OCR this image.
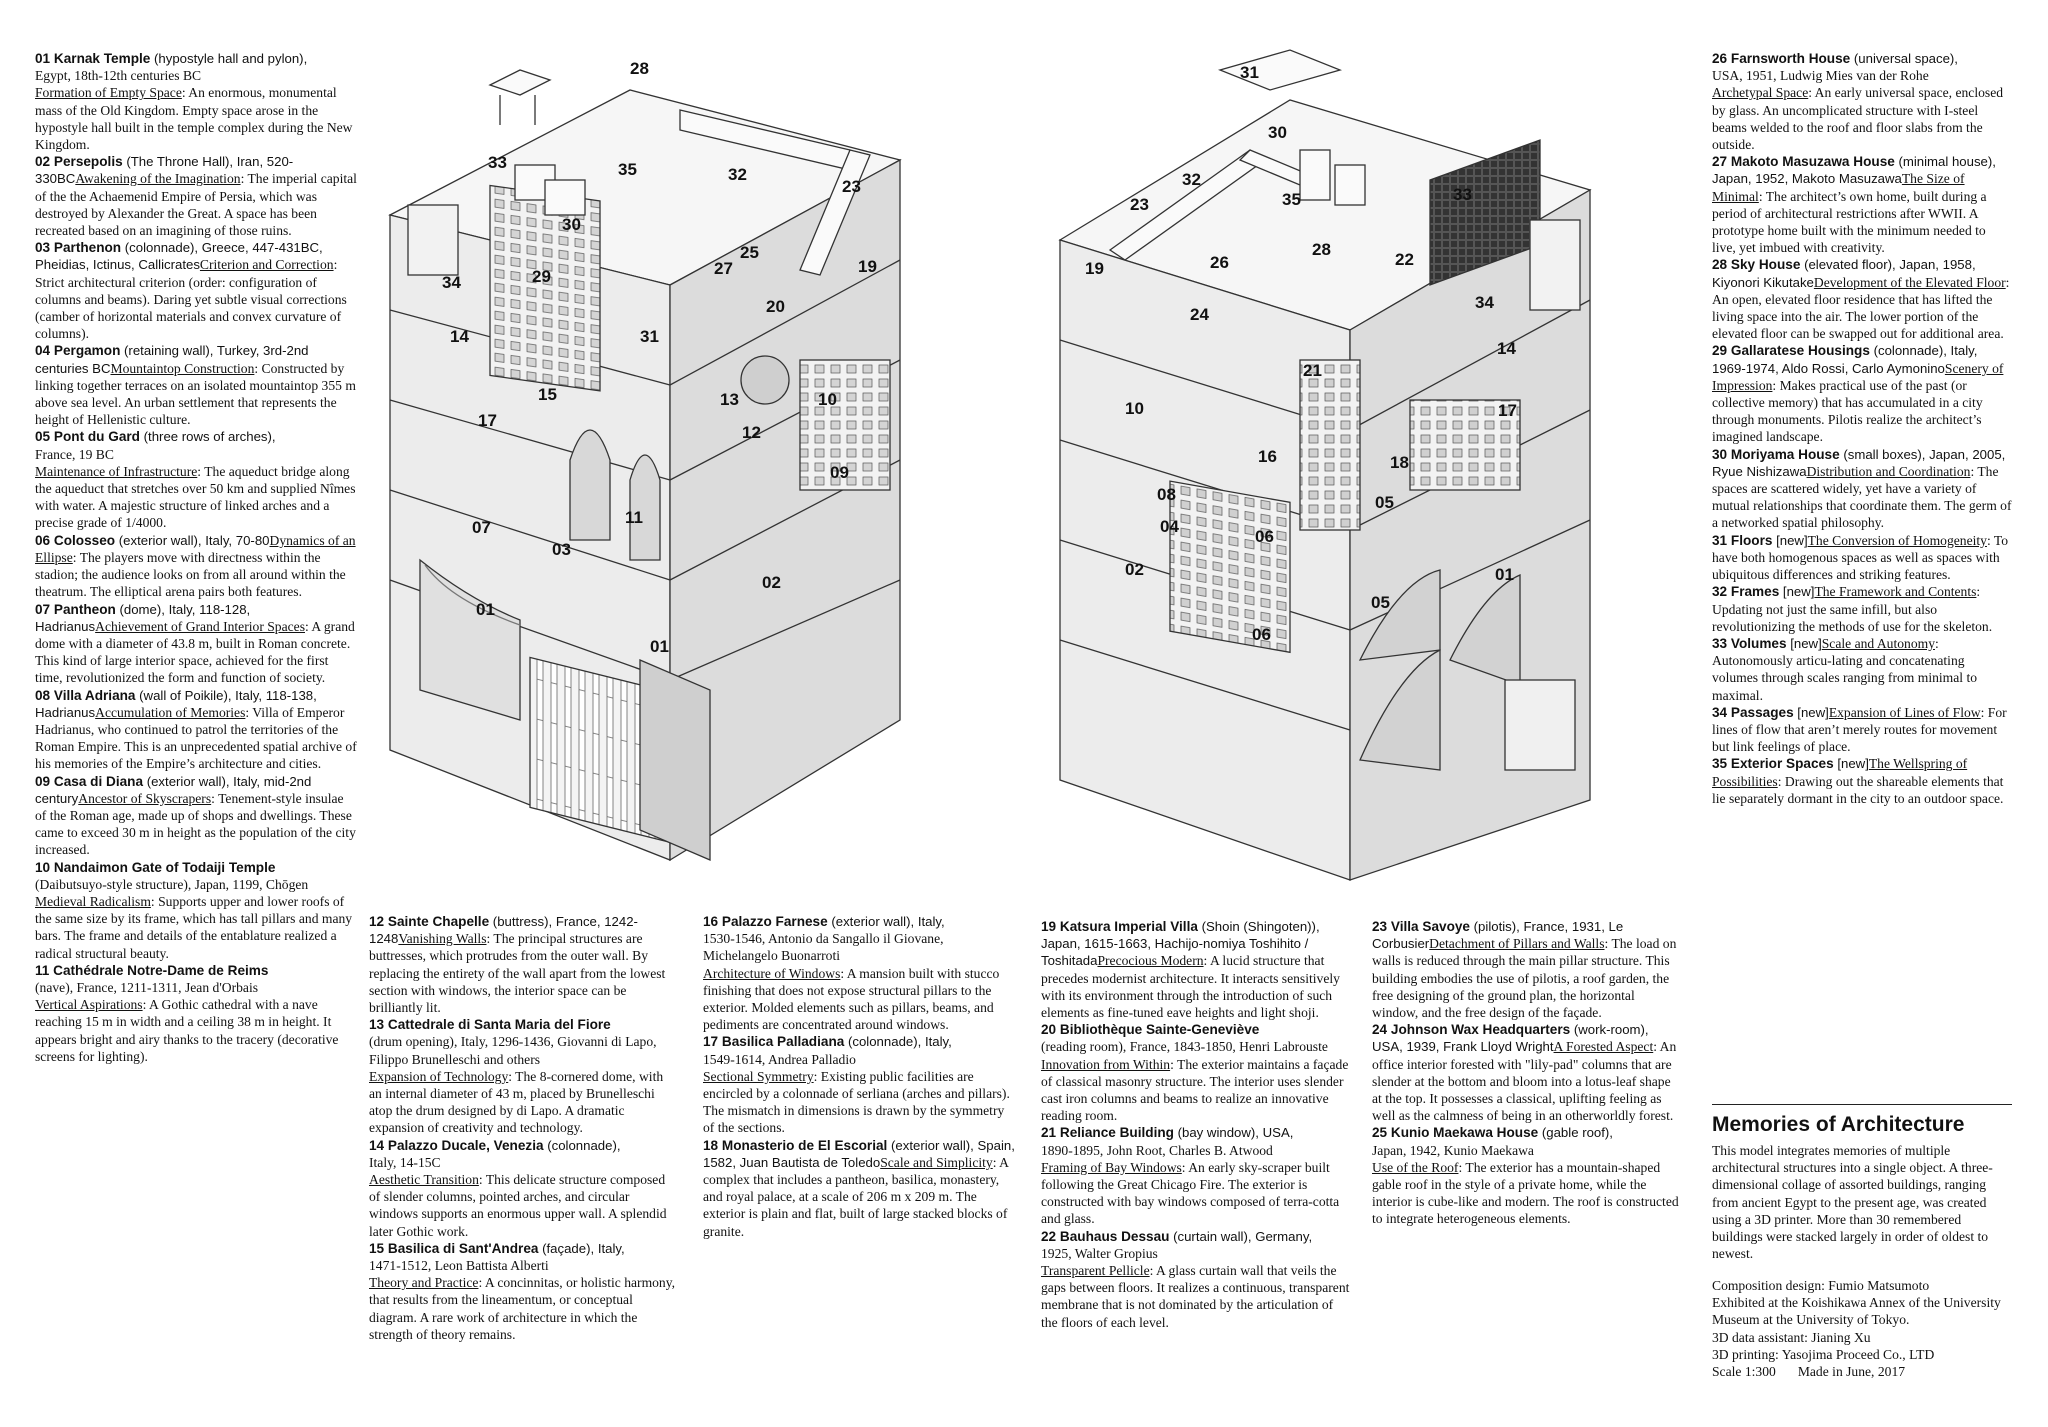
01 Karnak Temple (hypostyle hall and pylon),
Egypt, 18th-12th centuries BC
Formation of Empty Space: An enormous, monumental mass of the Old Kingdom. Empty space arose in the hypostyle hall built in the temple complex during the New Kingdom.

02 Persepolis (The Throne Hall), Iran, 520-330BCAwakening of the Imagination: The imperial capital of the the Achaemenid Empire of Persia, which was destroyed by Alexander the Great. A space has been recreated based on an imagining of those ruins.

03 Parthenon (colonnade), Greece, 447-431BC, Pheidias, Ictinus, CallicratesCriterion and Correction: Strict architectural criterion (order: configuration of columns and beams). Daring yet subtle visual corrections (camber of horizontal materials and convex curvature of columns).

04 Pergamon (retaining wall), Turkey, 3rd-2nd centuries BCMountaintop Construction: Constructed by linking together terraces on an isolated mountaintop 355 m above sea level. An urban settlement that represents the height of Hellenistic culture.

05 Pont du Gard (three rows of arches),
France, 19 BC
Maintenance of Infrastructure: The aqueduct bridge along the aqueduct that stretches over 50 km and supplied Nîmes with water. A majestic structure of linked arches and a precise grade of 1/4000.

06 Colosseo (exterior wall), Italy, 70-80Dynamics of an Ellipse: The players move with directness within the stadion; the audience looks on from all around within the theatrum. The elliptical arena pairs both features.

07 Pantheon (dome), Italy, 118-128, HadrianusAchievement of Grand Interior Spaces: A grand dome with a diameter of 43.8 m, built in Roman concrete. This kind of large interior space, achieved for the first time, revolutionized the form and function of society.

08 Villa Adriana (wall of Poikile), Italy, 118-138, HadrianusAccumulation of Memories: Villa of Emperor Hadrianus, who continued to patrol the territories of the Roman Empire. This is an unprecedented spatial archive of his memories of the Empire’s architecture and cities.

09 Casa di Diana (exterior wall), Italy, mid-2nd centuryAncestor of Skyscrapers: Tenement-style insulae of the Roman age, made up of shops and dwellings. These came to exceed 30 m in height as the population of the city increased.

10 Nandaimon Gate of Todaiji Temple
(Daibutsuyo-style structure), Japan, 1199, Chōgen
Medieval Radicalism: Supports upper and lower roofs of the same size by its frame, which has tall pillars and many bars. The frame and details of the entablature realized a radical structural beauty.

11 Cathédrale Notre-Dame de Reims
(nave), France, 1211-1311, Jean d'Orbais
Vertical Aspirations: A Gothic cathedral with a nave reaching 15 m in width and a ceiling 38 m in height. It appears bright and airy thanks to the tracery (decorative screens for lighting).

12 Sainte Chapelle (buttress), France, 1242-1248Vanishing Walls: The principal structures are buttresses, which protrudes from the outer wall. By replacing the entirety of the wall apart from the lowest section with windows, the interior space can be brilliantly lit.

13 Cattedrale di Santa Maria del Fiore
(drum opening), Italy, 1296-1436, Giovanni di Lapo, Filippo Brunelleschi and others
Expansion of Technology: The 8-cornered dome, with an internal diameter of 43 m, placed by Brunelleschi atop the drum designed by di Lapo. A dramatic expansion of creativity and technology.

14 Palazzo Ducale, Venezia (colonnade),
Italy, 14-15C
Aesthetic Transition: This delicate structure composed of slender columns, pointed arches, and circular windows supports an enormous upper wall. A splendid later Gothic work.

15 Basilica di Sant'Andrea (façade), Italy,
1471-1512, Leon Battista Alberti
Theory and Practice: A concinnitas, or holistic harmony, that results from the lineamentum, or conceptual diagram. A rare work of architecture in which the strength of theory remains.

16 Palazzo Farnese (exterior wall), Italy,
1530-1546, Antonio da Sangallo il Giovane, Michelangelo Buonarroti
Architecture of Windows: A mansion built with stucco finishing that does not expose structural pillars to the exterior. Molded elements such as pillars, beams, and pediments are concentrated around windows.

17 Basilica Palladiana (colonnade), Italy,
1549-1614, Andrea Palladio
Sectional Symmetry: Existing public facilities are encircled by a colonnade of serliana (arches and pillars). The mismatch in dimensions is drawn by the symmetry of the sections.

18 Monasterio de El Escorial (exterior wall), Spain, 1582, Juan Bautista de ToledoScale and Simplicity: A complex that includes a pantheon, basilica, monastery, and royal palace, at a scale of 206 m x 209 m. The exterior is plain and flat, built of large stacked blocks of granite.

19 Katsura Imperial Villa (Shoin (Shingoten)), Japan, 1615-1663, Hachijo-nomiya Toshihito / ToshitadaPrecocious Modern: A lucid structure that precedes modernist architecture. It interacts sensitively with its environment through the introduction of such elements as fine-tuned eave heights and light shoji.

20 Bibliothèque Sainte-Geneviève
(reading room), France, 1843-1850, Henri Labrouste
Innovation from Within: The exterior maintains a façade of classical masonry structure. The interior uses slender cast iron columns and beams to realize an innovative reading room.

21 Reliance Building (bay window), USA,
1890-1895, John Root, Charles B. Atwood
Framing of Bay Windows: An early sky-scraper built following the Great Chicago Fire. The exterior is constructed with bay windows composed of terra-cotta and glass.

22 Bauhaus Dessau (curtain wall), Germany,
1925, Walter Gropius
Transparent Pellicle: A glass curtain wall that veils the gaps between floors. It realizes a continuous, transparent membrane that is not dominated by the articulation of the floors of each level.

23 Villa Savoye (pilotis), France, 1931, Le CorbusierDetachment of Pillars and Walls: The load on walls is reduced through the main pillar structure. This building embodies the use of pilotis, a roof garden, the free designing of the ground plan, the horizontal window, and the free design of the façade.

24 Johnson Wax Headquarters (work-room), USA, 1939, Frank Lloyd WrightA Forested Aspect: An office interior forested with "lily-pad" columns that are slender at the bottom and bloom into a lotus-leaf shape at the top. It possesses a classical, uplifting feeling as well as the calmness of being in an otherworldly forest.

25 Kunio Maekawa House (gable roof),
Japan, 1942, Kunio Maekawa
Use of the Roof: The exterior has a mountain-shaped gable roof in the style of a private home, while the interior is cube-like and modern. The roof is constructed to integrate heterogeneous elements.

26 Farnsworth House (universal space),
USA, 1951, Ludwig Mies van der Rohe
Archetypal Space: An early universal space, enclosed by glass. An uncomplicated structure with I-steel beams welded to the roof and floor slabs from the outside.

27 Makoto Masuzawa House (minimal house), Japan, 1952, Makoto MasuzawaThe Size of Minimal: The architect’s own home, built during a period of architectural restrictions after WWII. A prototype home built with the minimum needed to live, yet imbued with creativity.

28 Sky House (elevated floor), Japan, 1958, Kiyonori KikutakeDevelopment of the Elevated Floor: An open, elevated floor residence that has lifted the living space into the air. The lower portion of the elevated floor can be swapped out for additional area.

29 Gallaratese Housings (colonnade), Italy, 1969-1974, Aldo Rossi, Carlo AymoninoScenery of Impression: Makes practical use of the past (or collective memory) that has accumulated in a city through monuments. Pilotis realize the architect’s imagined landscape.

30 Moriyama House (small boxes), Japan, 2005, Ryue NishizawaDistribution and Coordination: The spaces are scattered widely, yet have a variety of mutual relationships that coordinate them. The germ of a networked spatial philosophy.

31 Floors [new]The Conversion of Homogeneity: To have both homogenous spaces as well as spaces with ubiquitous differences and striking features.

32 Frames [new]The Framework and Contents: Updating not just the same infill, but also revolutionizing the methods of use for the skeleton.

33 Volumes [new]Scale and Autonomy: Autonomously articu-lating and concatenating volumes through scales ranging from minimal to maximal.

34 Passages [new]Expansion of Lines of Flow: For lines of flow that aren’t merely routes for movement but link feelings of place.

35 Exterior Spaces [new]The Wellspring of Possibilities: Drawing out the shareable elements that lie separately dormant in the city to an outdoor space.

Memories of Architecture
This model integrates memories of multiple architectural structures into a single object. A three-dimensional collage of assorted buildings, ranging from ancient Egypt to the present age, was created using a 3D printer. More than 30 remembered buildings were stacked largely in order of oldest to newest.

Composition design: Fumio Matsumoto

Exhibited at the Koishikawa Annex of the University Museum at the University of Tokyo.

3D data assistant: Jianing Xu

3D printing: Yasojima Proceed Co., LTD

Scale 1:300 Made in June, 2017

28
33	35	32
23
30
19
34	29
25
27
20
14	31
15	13	10
17
12
09
11
07
03
02
01
01
31
30
32
35
23
33
19	26
28
22
24
34
14
21
10	17
16	18
08	05
04
06
02	01
05
06
